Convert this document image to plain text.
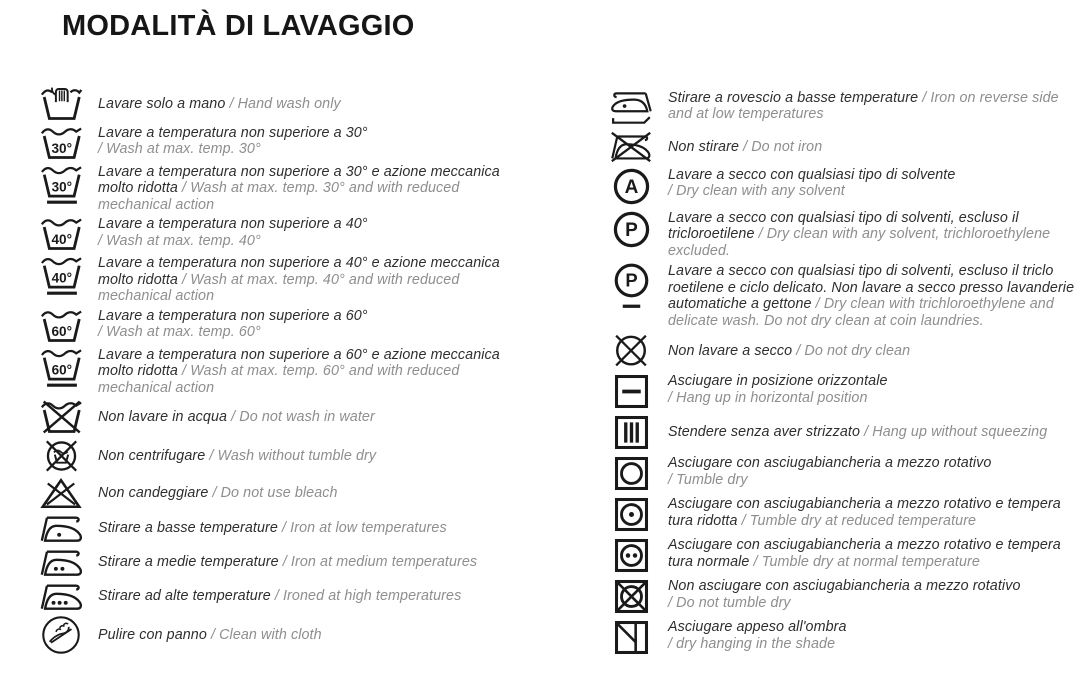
MODALITÀ DI LAVAGGIO

Lavare solo a mano / Hand wash only

30°

Lavare a temperatura non superiore a 30°
/ Wash at max. temp. 30°

30°

Lavare a temperatura non superiore a 30° e azione meccanica molto ridotta / Wash at max. temp. 30° and with reduced mechanical action

40°

Lavare a temperatura non superiore a 40°
/ Wash at max. temp. 40°

40°

Lavare a temperatura non superiore a 40° e azione meccanica molto ridotta / Wash at max. temp. 40° and with reduced mechanical action

60°

Lavare a temperatura non superiore a 60°
/ Wash at max. temp. 60°

60°

Lavare a temperatura non superiore a 60° e azione meccanica molto ridotta / Wash at max. temp. 60° and with reduced mechanical action

Non lavare in acqua / Do not wash in water

Non centrifugare / Wash without tumble dry

Non candeggiare / Do not use bleach

Stirare a basse temperature / Iron at low temperatures

Stirare a medie temperature / Iron at medium temperatures

Stirare ad alte temperature / Ironed at high temperatures

Pulire con panno / Clean with cloth

Stirare a rovescio a basse temperature / Iron on reverse side and at low temperatures

Non stirare / Do not iron

A

Lavare a secco con qualsiasi tipo di solvente
/ Dry clean with any solvent

P

Lavare a secco con qualsiasi tipo di solventi, escluso il tricloroetilene / Dry clean with any solvent, trichloroethylene excluded.

P	Lavare a secco con qualsiasi tipo di solventi, escluso il triclo roetilene e ciclo delicato. Non lavare a secco presso lavanderie automatiche a gettone / Dry clean with trichloroethylene and delicate wash. Do not dry clean at coin laundries.

Non lavare a secco / Do not dry clean

Asciugare in posizione orizzontale
/ Hang up in horizontal position

Stendere senza aver strizzato / Hang up without squeezing

Asciugare con asciugabiancheria a mezzo rotativo
/ Tumble dry

Asciugare con asciugabiancheria a mezzo rotativo e tempera tura ridotta / Tumble dry at reduced temperature

Asciugare con asciugabiancheria a mezzo rotativo e tempera tura normale / Tumble dry at normal temperature

Non asciugare con asciugabiancheria a mezzo rotativo
/ Do not tumble dry

Asciugare appeso all'ombra
/ dry hanging in the shade
